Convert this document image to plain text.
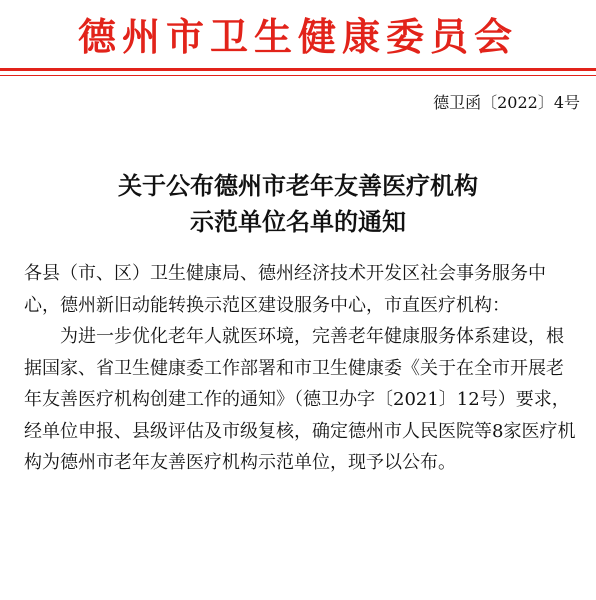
德州市卫生健康委员会
德卫函〔2022〕4号
关于公布德州市老年友善医疗机构
示范单位名单的通知

各县（市、区）卫生健康局、德州经济技术开发区社会事务服务中心，德州新旧动能转换示范区建设服务中心，市直医疗机构：

为进一步优化老年人就医环境，完善老年健康服务体系建设，根据国家、省卫生健康委工作部署和市卫生健康委《关于在全市开展老年友善医疗机构创建工作的通知》（德卫办字〔2021〕12号）要求，经单位申报、县级评估及市级复核，确定德州市人民医院等8家医疗机构为德州市老年友善医疗机构示范单位，现予以公布。
